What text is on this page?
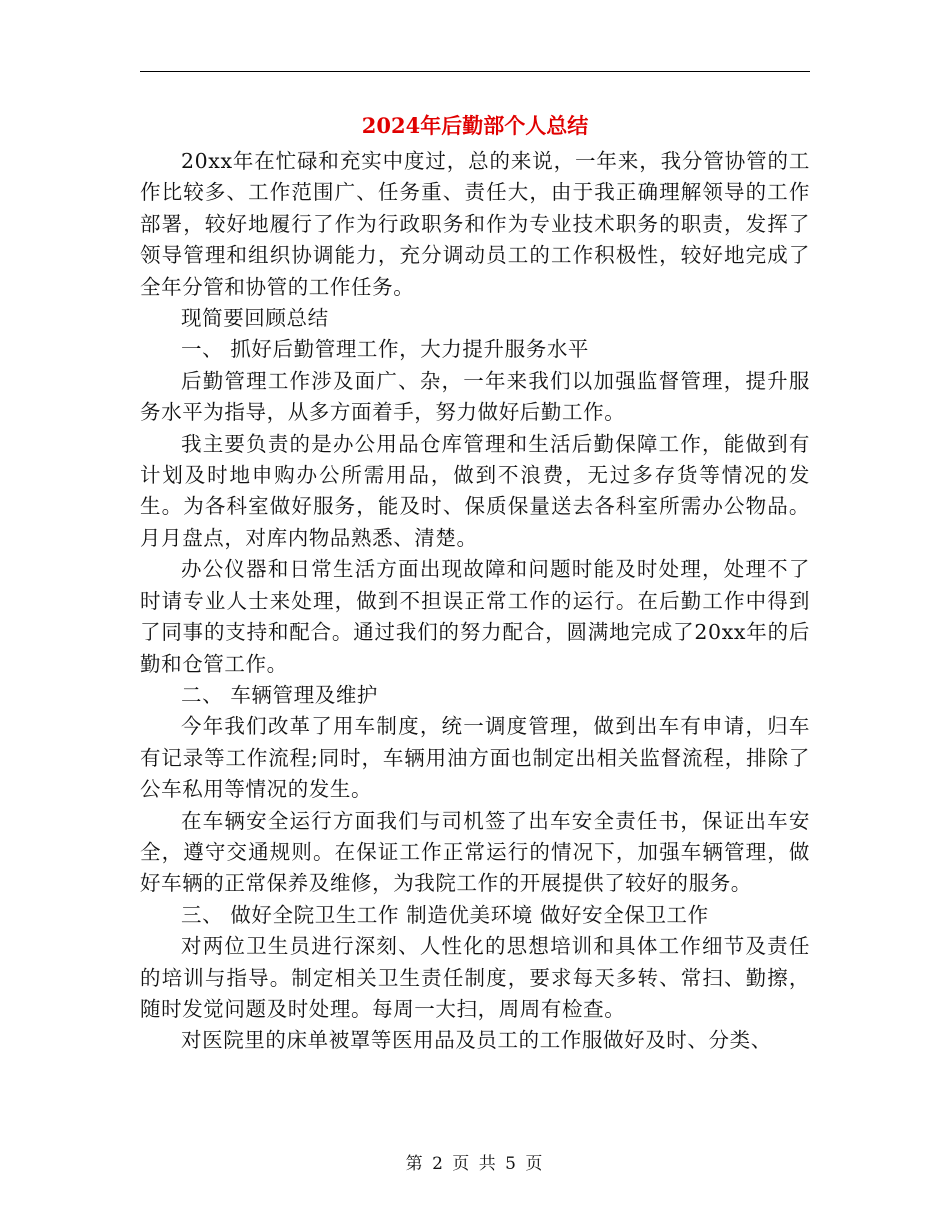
2024年后勤部个人总结

20xx年在忙碌和充实中度过，总的来说，一年来，我分管协管的工作比较多、工作范围广、任务重、责任大，由于我正确理解领导的工作部署，较好地履行了作为行政职务和作为专业技术职务的职责，发挥了领导管理和组织协调能力，充分调动员工的工作积极性，较好地完成了全年分管和协管的工作任务。

现简要回顾总结

一、 抓好后勤管理工作，大力提升服务水平

后勤管理工作涉及面广、杂，一年来我们以加强监督管理，提升服务水平为指导，从多方面着手，努力做好后勤工作。

我主要负责的是办公用品仓库管理和生活后勤保障工作，能做到有计划及时地申购办公所需用品，做到不浪费，无过多存货等情况的发生。为各科室做好服务，能及时、保质保量送去各科室所需办公物品。月月盘点，对库内物品熟悉、清楚。

办公仪器和日常生活方面出现故障和问题时能及时处理，处理不了时请专业人士来处理，做到不担误正常工作的运行。在后勤工作中得到了同事的支持和配合。通过我们的努力配合，圆满地完成了20xx年的后勤和仓管工作。

二、 车辆管理及维护

今年我们改革了用车制度，统一调度管理，做到出车有申请，归车有记录等工作流程;同时，车辆用油方面也制定出相关监督流程，排除了公车私用等情况的发生。

在车辆安全运行方面我们与司机签了出车安全责任书，保证出车安全，遵守交通规则。在保证工作正常运行的情况下，加强车辆管理，做好车辆的正常保养及维修，为我院工作的开展提供了较好的服务。

三、 做好全院卫生工作 制造优美环境 做好安全保卫工作

对两位卫生员进行深刻、人性化的思想培训和具体工作细节及责任的培训与指导。制定相关卫生责任制度，要求每天多转、常扫、勤擦，随时发觉问题及时处理。每周一大扫，周周有检查。

对医院里的床单被罩等医用品及员工的工作服做好及时、分类、

第 2 页 共 5 页
